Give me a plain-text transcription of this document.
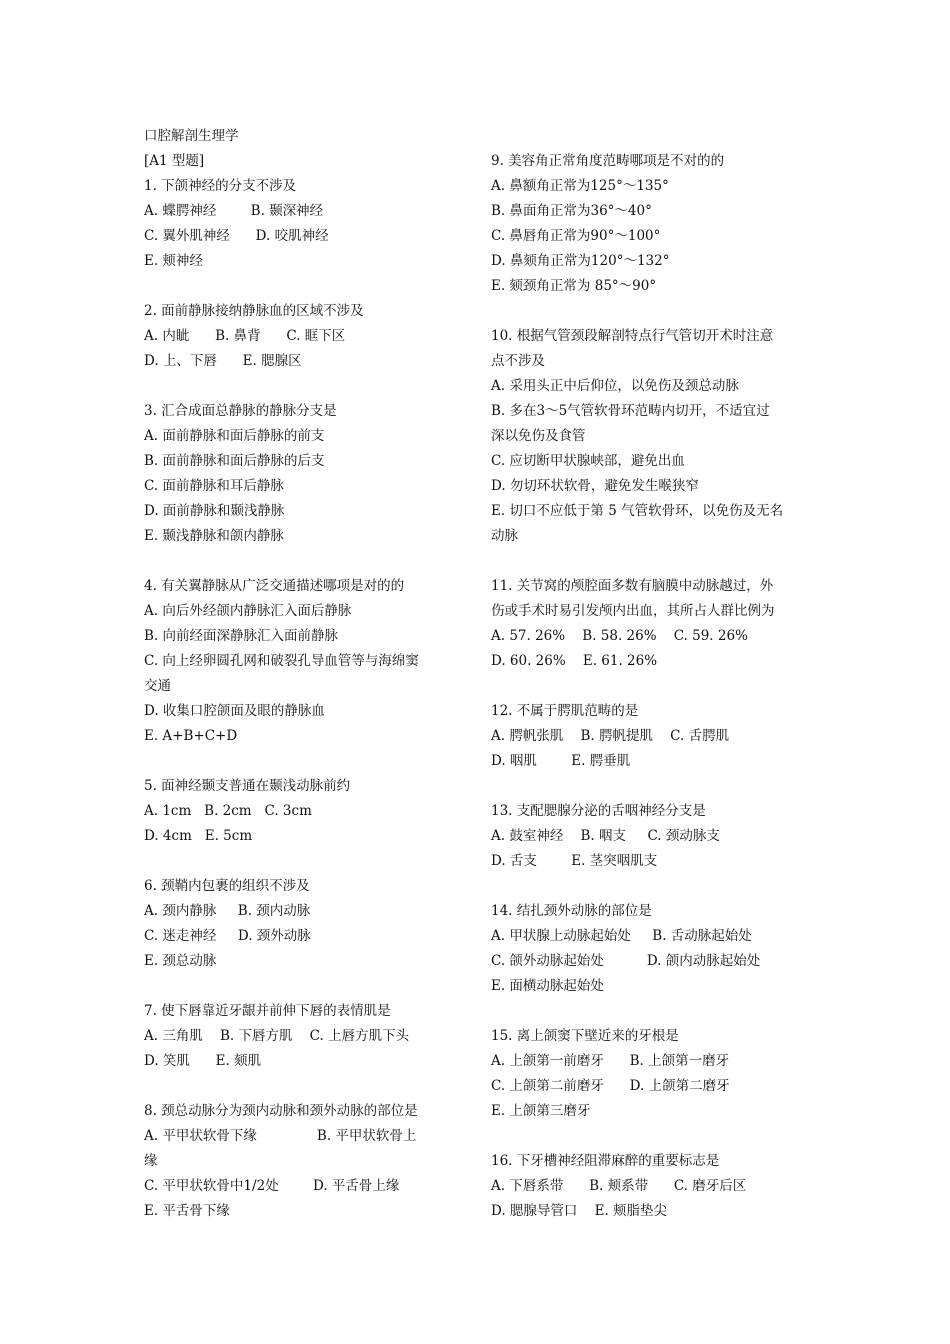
口腔解剖生理学
[A1 型题]
1. 下颌神经的分支不涉及
A. 蝶腭神经        B. 颞深神经
C. 翼外肌神经      D. 咬肌神经
E. 颊神经
2. 面前静脉接纳静脉血的区域不涉及
A. 内眦      B. 鼻背      C. 眶下区
D. 上、下唇      E. 腮腺区
3. 汇合成面总静脉的静脉分支是
A. 面前静脉和面后静脉的前支
B. 面前静脉和面后静脉的后支
C. 面前静脉和耳后静脉
D. 面前静脉和颞浅静脉
E. 颞浅静脉和颌内静脉
4. 有关翼静脉从广泛交通描述哪项是对的的
A. 向后外经颌内静脉汇入面后静脉
B. 向前经面深静脉汇入面前静脉
C. 向上经卵圆孔网和破裂孔导血管等与海绵窦
交通
D. 收集口腔颌面及眼的静脉血
E. A+B+C+D
5. 面神经颞支普通在颞浅动脉前约
A. 1cm   B. 2cm   C. 3cm
D. 4cm   E. 5cm
6. 颈鞘内包裹的组织不涉及
A. 颈内静脉     B. 颈内动脉
C. 迷走神经     D. 颈外动脉
E. 颈总动脉
7. 使下唇靠近牙龈并前伸下唇的表情肌是
A. 三角肌    B. 下唇方肌    C. 上唇方肌下头
D. 笑肌      E. 颏肌
8. 颈总动脉分为颈内动脉和颈外动脉的部位是
A. 平甲状软骨下缘              B. 平甲状软骨上
缘
C. 平甲状软骨中1/2处        D. 平舌骨上缘
E. 平舌骨下缘
9. 美容角正常角度范畴哪项是不对的的
A. 鼻额角正常为125°～135°
B. 鼻面角正常为36°～40°
C. 鼻唇角正常为90°～100°
D. 鼻颏角正常为120°～132°
E. 颏颈角正常为 85°～90°
10. 根据气管颈段解剖特点行气管切开术时注意
点不涉及
A. 采用头正中后仰位，以免伤及颈总动脉
B. 多在3～5气管软骨环范畴内切开，不适宜过
深以免伤及食管
C. 应切断甲状腺峡部，避免出血
D. 勿切环状软骨，避免发生喉狭窄
E. 切口不应低于第 5 气管软骨环，以免伤及无名
动脉
11. 关节窝的颅腔面多数有脑膜中动脉越过，外
伤或手术时易引发颅内出血，其所占人群比例为
A. 57. 26%    B. 58. 26%    C. 59. 26%
D. 60. 26%    E. 61. 26%
12. 不属于腭肌范畴的是
A. 腭帆张肌    B. 腭帆提肌    C. 舌腭肌
D. 咽肌        E. 腭垂肌
13. 支配腮腺分泌的舌咽神经分支是
A. 鼓室神经    B. 咽支     C. 颈动脉支
D. 舌支        E. 茎突咽肌支
14. 结扎颈外动脉的部位是
A. 甲状腺上动脉起始处     B. 舌动脉起始处
C. 颌外动脉起始处          D. 颌内动脉起始处
E. 面横动脉起始处
15. 离上颌窦下壁近来的牙根是
A. 上颌第一前磨牙      B. 上颌第一磨牙
C. 上颌第二前磨牙      D. 上颌第二磨牙
E. 上颌第三磨牙
16. 下牙槽神经阻滞麻醉的重要标志是
A. 下唇系带      B. 颊系带      C. 磨牙后区
D. 腮腺导管口    E. 颊脂垫尖
